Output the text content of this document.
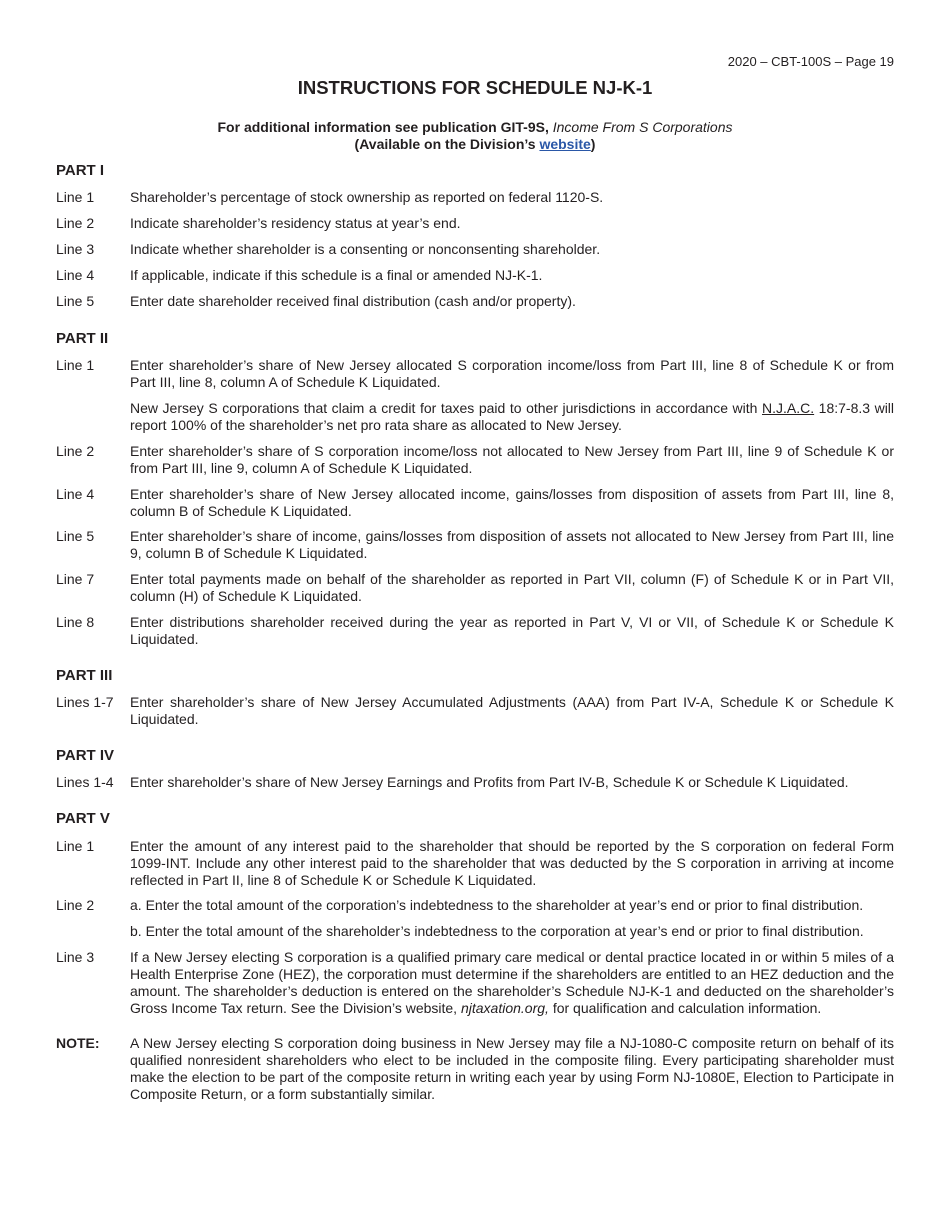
2020 – CBT-100S – Page 19
INSTRUCTIONS FOR SCHEDULE NJ-K-1
For additional information see publication GIT-9S, Income From S Corporations
(Available on the Division’s website)
PART I
Line 1	Shareholder’s percentage of stock ownership as reported on federal 1120-S.
Line 2	Indicate shareholder’s residency status at year’s end.
Line 3	Indicate whether shareholder is a consenting or nonconsenting shareholder.
Line 4	If applicable, indicate if this schedule is a final or amended NJ-K-1.
Line 5	Enter date shareholder received final distribution (cash and/or property).
PART II
Line 1	Enter shareholder’s share of New Jersey allocated S corporation income/loss from Part III, line 8 of Schedule K or from Part III, line 8, column A of Schedule K Liquidated.
New Jersey S corporations that claim a credit for taxes paid to other jurisdictions in accordance with N.J.A.C. 18:7-8.3 will report 100% of the shareholder’s net pro rata share as allocated to New Jersey.
Line 2	Enter shareholder’s share of S corporation income/loss not allocated to New Jersey from Part III, line 9 of Schedule K or from Part III, line 9, column A of Schedule K Liquidated.
Line 4	Enter shareholder’s share of New Jersey allocated income, gains/losses from disposition of assets from Part III, line 8, column B of Schedule K Liquidated.
Line 5	Enter shareholder’s share of income, gains/losses from disposition of assets not allocated to New Jersey from Part III, line 9, column B of Schedule K Liquidated.
Line 7	Enter total payments made on behalf of the shareholder as reported in Part VII, column (F) of Schedule K or in Part VII, column (H) of Schedule K Liquidated.
Line 8	Enter distributions shareholder received during the year as reported in Part V, VI or VII, of Schedule K or Schedule K Liquidated.
PART III
Lines 1-7	Enter shareholder’s share of New Jersey Accumulated Adjustments (AAA) from Part IV-A, Schedule K or Schedule K Liquidated.
PART IV
Lines 1-4	Enter shareholder’s share of New Jersey Earnings and Profits from Part IV-B, Schedule K or Schedule K Liquidated.
PART V
Line 1	Enter the amount of any interest paid to the shareholder that should be reported by the S corporation on federal Form 1099-INT. Include any other interest paid to the shareholder that was deducted by the S corporation in arriving at income reflected in Part II, line 8 of Schedule K or Schedule K Liquidated.
Line 2	a. Enter the total amount of the corporation’s indebtedness to the shareholder at year’s end or prior to final distribution.
b. Enter the total amount of the shareholder’s indebtedness to the corporation at year’s end or prior to final distribution.
Line 3	If a New Jersey electing S corporation is a qualified primary care medical or dental practice located in or within 5 miles of a Health Enterprise Zone (HEZ), the corporation must determine if the shareholders are entitled to an HEZ deduction and the amount. The shareholder’s deduction is entered on the shareholder’s Schedule NJ-K-1 and deducted on the shareholder’s Gross Income Tax return. See the Division’s website, njtaxation.org, for qualification and calculation information.
NOTE:	A New Jersey electing S corporation doing business in New Jersey may file a NJ-1080-C composite return on behalf of its qualified nonresident shareholders who elect to be included in the composite filing. Every participating shareholder must make the election to be part of the composite return in writing each year by using Form NJ-1080E, Election to Participate in Composite Return, or a form substantially similar.
